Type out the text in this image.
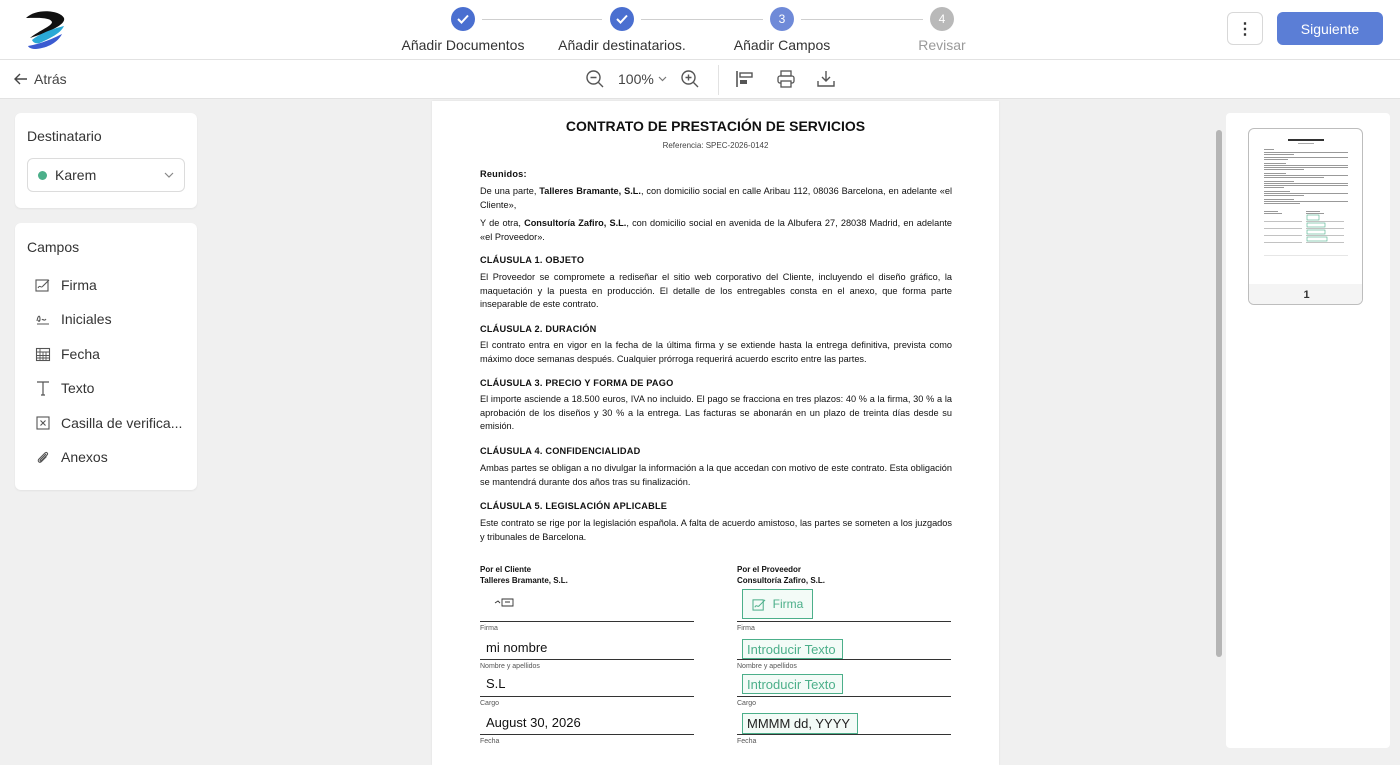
Añadir Documentos	Añadir destinatarios.
3
Añadir Campos
4
Revisar
⋮	Siguiente
Atrás	100%
Destinatario
Karem
Campos
Firma
Iniciales
Fecha
Texto
Casilla de verifica...
Anexos
CONTRATO DE PRESTACIÓN DE SERVICIOS
Referencia: SPEC-2026-0142
Reunidos:
De una parte, Talleres Bramante, S.L., con domicilio social en calle Aribau 112, 08036 Barcelona, en adelante «el Cliente»,
Y de otra, Consultoría Zafiro, S.L., con domicilio social en avenida de la Albufera 27, 28038 Madrid, en adelante «el Proveedor».
CLÁUSULA 1. OBJETO
El Proveedor se compromete a rediseñar el sitio web corporativo del Cliente, incluyendo el diseño gráfico, la maquetación y la puesta en producción. El detalle de los entregables consta en el anexo, que forma parte inseparable de este contrato.
CLÁUSULA 2. DURACIÓN
El contrato entra en vigor en la fecha de la última firma y se extiende hasta la entrega definitiva, prevista como máximo doce semanas después. Cualquier prórroga requerirá acuerdo escrito entre las partes.
CLÁUSULA 3. PRECIO Y FORMA DE PAGO
El importe asciende a 18.500 euros, IVA no incluido. El pago se fracciona en tres plazos: 40 % a la firma, 30 % a la aprobación de los diseños y 30 % a la entrega. Las facturas se abonarán en un plazo de treinta días desde su emisión.
CLÁUSULA 4. CONFIDENCIALIDAD
Ambas partes se obligan a no divulgar la información a la que accedan con motivo de este contrato. Esta obligación se mantendrá durante dos años tras su finalización.
CLÁUSULA 5. LEGISLACIÓN APLICABLE
Este contrato se rige por la legislación española. A falta de acuerdo amistoso, las partes se someten a los juzgados y tribunales de Barcelona.
Por el Cliente
Talleres Bramante, S.L.
Firma
mi nombre
Nombre y apellidos
S.L
Cargo
August 30, 2026
Fecha
Por el Proveedor
Consultoría Zafiro, S.L.
Firma
Firma
Introducir Texto
Nombre y apellidos
Introducir Texto
Cargo
MMMM dd, YYYY
Fecha
1
